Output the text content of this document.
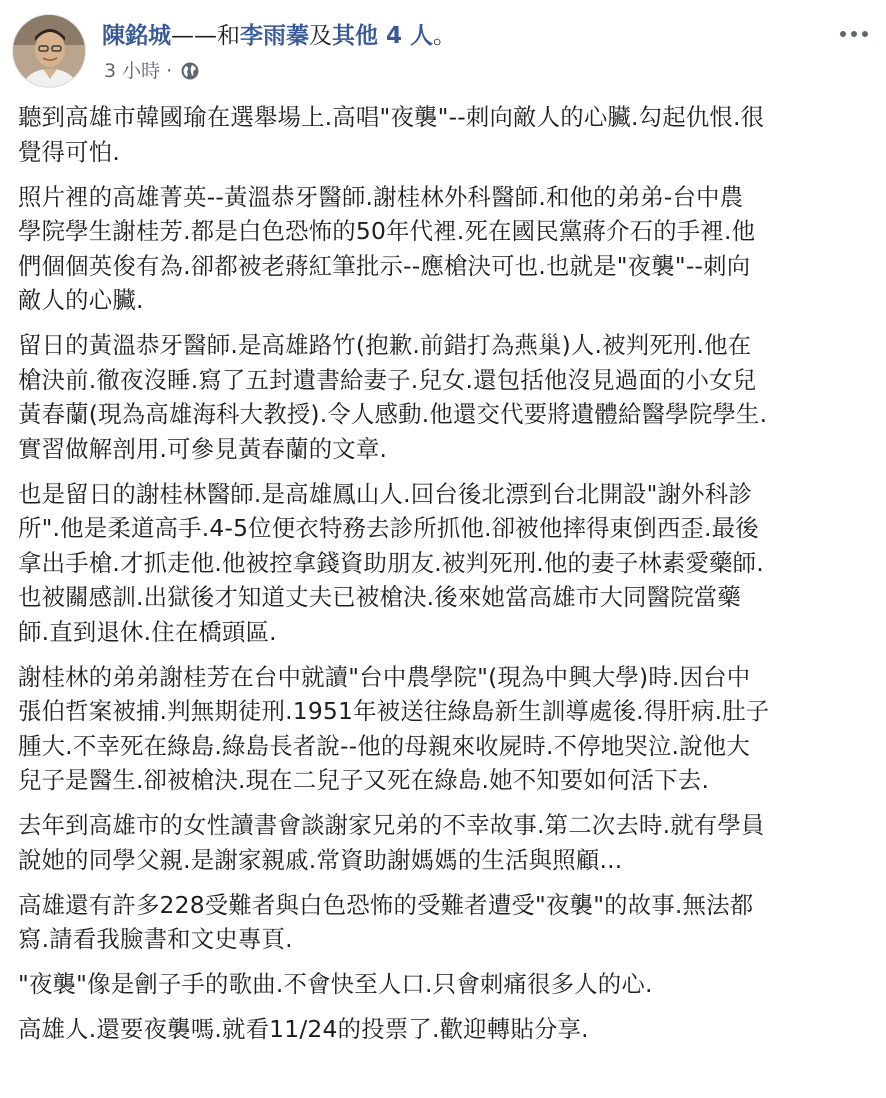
陳銘城——和李雨蓁及其他 4 人。
3 小時 ·

聽到高雄市韓國瑜在選舉場上.高唱"夜襲"--刺向敵人的心臟.勾起仇恨.很
覺得可怕.

照片裡的高雄菁英--黃溫恭牙醫師.謝桂林外科醫師.和他的弟弟-台中農
學院學生謝桂芳.都是白色恐怖的50年代裡.死在國民黨蔣介石的手裡.他
們個個英俊有為.卻都被老蔣紅筆批示--應槍決可也.也就是"夜襲"--刺向
敵人的心臟.

留日的黃溫恭牙醫師.是高雄路竹(抱歉.前錯打為燕巢)人.被判死刑.他在
槍決前.徹夜沒睡.寫了五封遺書給妻子.兒女.還包括他沒見過面的小女兒
黃春蘭(現為高雄海科大教授).令人感動.他還交代要將遺體給醫學院學生.
實習做解剖用.可參見黃春蘭的文章.

也是留日的謝桂林醫師.是高雄鳳山人.回台後北漂到台北開設"謝外科診
所".他是柔道高手.4-5位便衣特務去診所抓他.卻被他摔得東倒西歪.最後
拿出手槍.才抓走他.他被控拿錢資助朋友.被判死刑.他的妻子林素愛藥師.
也被關感訓.出獄後才知道丈夫已被槍決.後來她當高雄市大同醫院當藥
師.直到退休.住在橋頭區.

謝桂林的弟弟謝桂芳在台中就讀"台中農學院"(現為中興大學)時.因台中
張伯哲案被捕.判無期徒刑.1951年被送往綠島新生訓導處後.得肝病.肚子
腫大.不幸死在綠島.綠島長者說--他的母親來收屍時.不停地哭泣.說他大
兒子是醫生.卻被槍決.現在二兒子又死在綠島.她不知要如何活下去.

去年到高雄市的女性讀書會談謝家兄弟的不幸故事.第二次去時.就有學員
說她的同學父親.是謝家親戚.常資助謝媽媽的生活與照顧...

高雄還有許多228受難者與白色恐怖的受難者遭受"夜襲"的故事.無法都
寫.請看我臉書和文史專頁.

"夜襲"像是劊子手的歌曲.不會快至人口.只會刺痛很多人的心.

高雄人.還要夜襲嗎.就看11/24的投票了.歡迎轉貼分享.
